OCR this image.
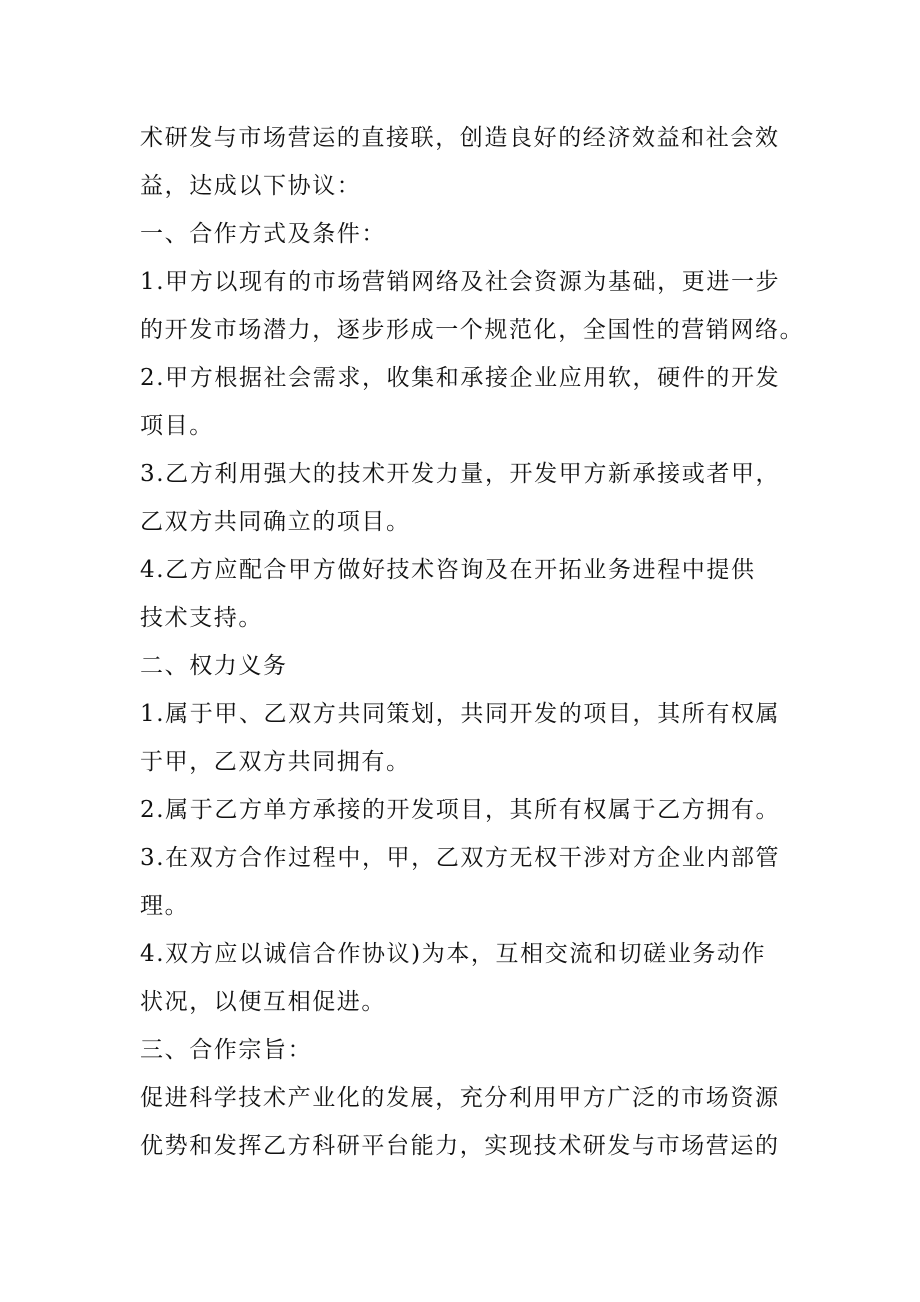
术研发与市场营运的直接联，创造良好的经济效益和社会效
益，达成以下协议：
一、合作方式及条件：
1.甲方以现有的市场营销网络及社会资源为基础，更进一步
的开发市场潜力，逐步形成一个规范化，全国性的营销网络。
2.甲方根据社会需求，收集和承接企业应用软，硬件的开发
项目。
3.乙方利用强大的技术开发力量，开发甲方新承接或者甲，
乙双方共同确立的项目。
4.乙方应配合甲方做好技术咨询及在开拓业务进程中提供
技术支持。
二、权力义务
1.属于甲、乙双方共同策划，共同开发的项目，其所有权属
于甲，乙双方共同拥有。
2.属于乙方单方承接的开发项目，其所有权属于乙方拥有。
3.在双方合作过程中，甲，乙双方无权干涉对方企业内部管
理。
4.双方应以诚信合作协议)为本，互相交流和切磋业务动作
状况，以便互相促进。
三、合作宗旨：
促进科学技术产业化的发展，充分利用甲方广泛的市场资源
优势和发挥乙方科研平台能力，实现技术研发与市场营运的
